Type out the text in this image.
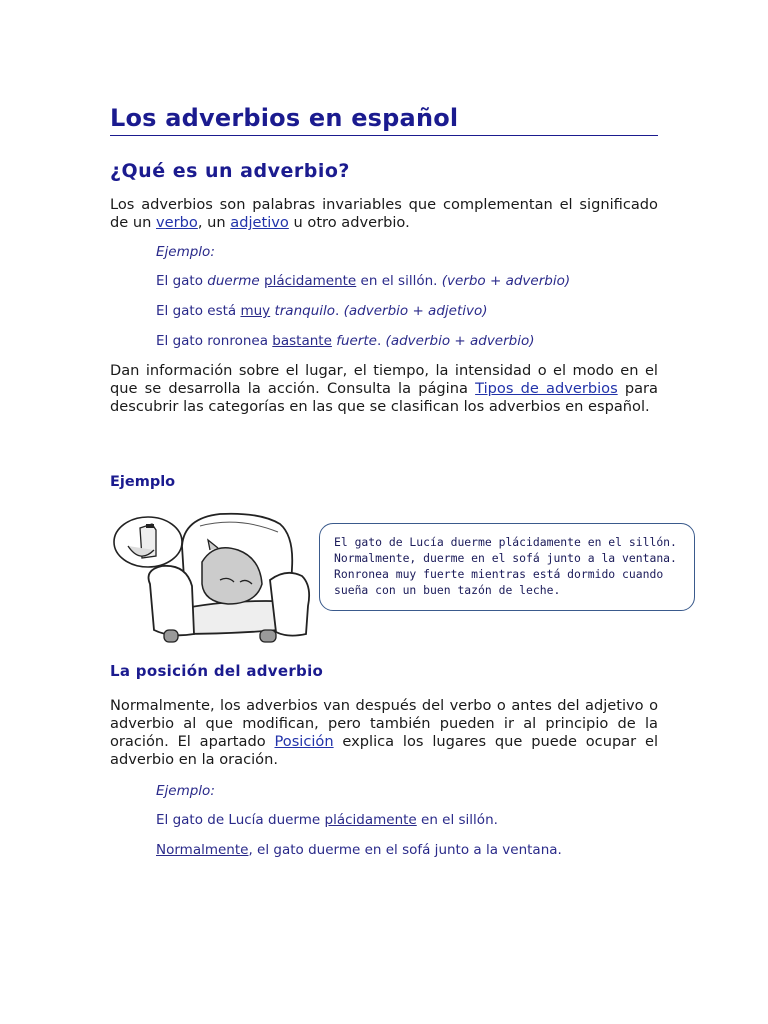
Los adverbios en español
¿Qué es un adverbio?

Los adverbios son palabras invariables que complementan el significado de un verbo, un adjetivo u otro adverbio.

Ejemplo:

El gato duerme plácidamente en el sillón. (verbo + adverbio)

El gato está muy tranquilo. (adverbio + adjetivo)

El gato ronronea bastante fuerte. (adverbio + adverbio)

Dan información sobre el lugar, el tiempo, la intensidad o el modo en el que se desarrolla la acción. Consulta la página Tipos de adverbios para descubrir las categorías en las que se clasifican los adverbios en español.

Ejemplo

El gato de Lucía duerme plácidamente en el sillón.
Normalmente, duerme en el sofá junto a la ventana.
Ronronea muy fuerte mientras está dormido cuando
sueña con un buen tazón de leche.

La posición del adverbio

Normalmente, los adverbios van después del verbo o antes del adjetivo o adverbio al que modifican, pero también pueden ir al principio de la oración. El apartado Posición explica los lugares que puede ocupar el adverbio en la oración.

Ejemplo:

El gato de Lucía duerme plácidamente en el sillón.

Normalmente, el gato duerme en el sofá junto a la ventana.
